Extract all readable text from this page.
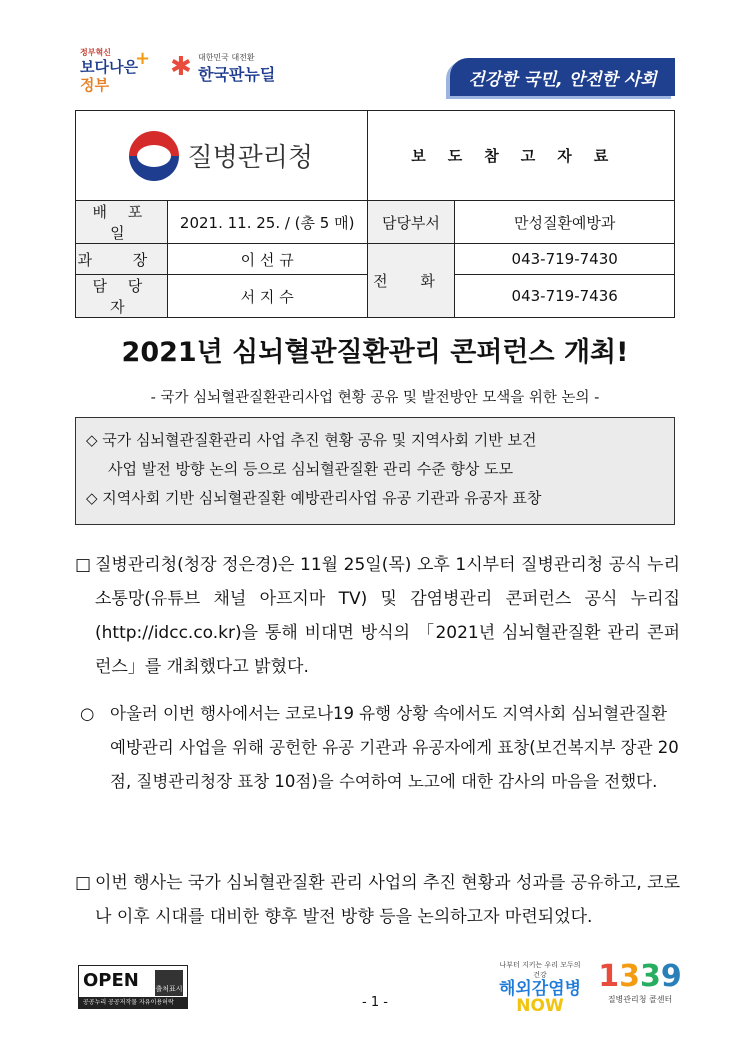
정부혁신
보다나은정부
+ ✱ 대한민국 대전환
한국판뉴딜	건강한 국민, 안전한 사회
질병관리청		보도참고자료	
배 포 일	2021. 11. 25. / (총 5 매)	담당부서	만성질환예방과
과 장	이 선 규	전 화	043-719-7430
담 당 자	서 지 수		043-719-7436
2021년 심뇌혈관질환관리 콘퍼런스 개최!
- 국가 심뇌혈관질환관리사업 현황 공유 및 발전방안 모색을 위한 논의 -
◇ 국가 심뇌혈관질환관리 사업 추진 현황 공유 및 지역사회 기반 보건
사업 발전 방향 논의 등으로 심뇌혈관질환 관리 수준 향상 도모
◇ 지역사회 기반 심뇌혈관질환 예방관리사업 유공 기관과 유공자 표창
□ 질병관리청(청장 정은경)은 11월 25일(목) 오후 1시부터 질병관리청 공식 누리소통망(유튜브 채널 아프지마 TV) 및 감염병관리 콘퍼런스 공식 누리집(http://idcc.co.kr)을 통해 비대면 방식의 「2021년 심뇌혈관질환 관리 콘퍼런스」를 개최했다고 밝혔다.
○ 아울러 이번 행사에서는 코로나19 유행 상황 속에서도 지역사회 심뇌혈관질환 예방관리 사업을 위해 공헌한 유공 기관과 유공자에게 표창(보건복지부 장관 20점, 질병관리청장 표창 10점)을 수여하여 노고에 대한 감사의 마음을 전했다.
□ 이번 행사는 국가 심뇌혈관질환 관리 사업의 추진 현황과 성과를 공유하고, 코로나 이후 시대를 대비한 향후 발전 방향 등을 논의하고자 마련되었다.
OPEN 출처표시
공공누리 공공저작물 자유이용허락	- 1 -
나부터 지키는 우리 모두의 건강
해외감염병
NOW
1339
질병관리청 콜센터
